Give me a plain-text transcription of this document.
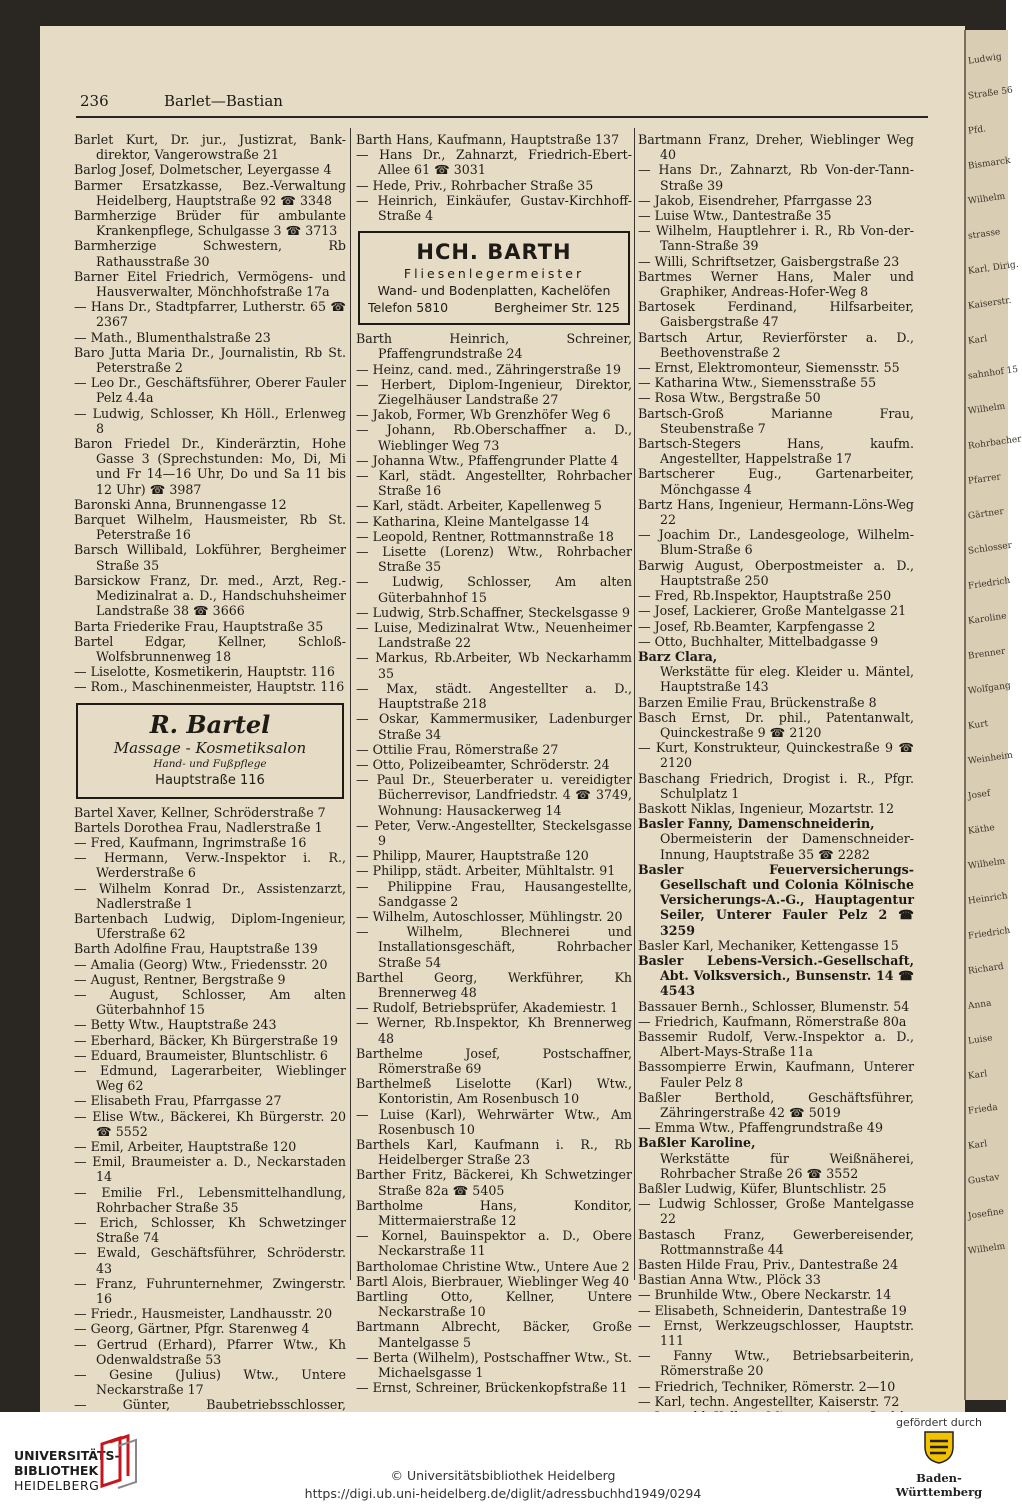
Ludwig
Straße 56
Pfd.
Bismarck
Wilhelm
strasse
Karl, Dirig.
Kaiserstr.
Karl
sahnhof 15
Wilhelm
Rohrbacher
Pfarrer
Gärtner
Schlosser
Friedrich
Karoline
Brenner
Wolfgang
Kurt
Weinheim
Josef
Käthe
Wilhelm
Heinrich
Friedrich
Richard
Anna
Luise
Karl
Frieda
Karl
Gustav
Josefine
Wilhelm
236	Barlet—Bastian
Barlet Kurt, Dr. jur., Justizrat, Bank-direktor, Vangerowstraße 21
Barlog Josef, Dolmetscher, Leyergasse 4
Barmer Ersatzkasse, Bez.-Verwaltung Heidelberg, Hauptstraße 92 ☎ 3348
Barmherzige Brüder für ambulante Krankenpflege, Schulgasse 3 ☎ 3713
Barmherzige Schwestern, Rb Rathausstraße 30
Barner Eitel Friedrich, Vermögens- und Hausverwalter, Mönchhofstraße 17a
— Hans Dr., Stadtpfarrer, Lutherstr. 65 ☎ 2367
— Math., Blumenthalstraße 23
Baro Jutta Maria Dr., Journalistin, Rb St. Peterstraße 2
— Leo Dr., Geschäftsführer, Oberer Fauler Pelz 4.4a
— Ludwig, Schlosser, Kh Höll., Erlenweg 8
Baron Friedel Dr., Kinderärztin, Hohe Gasse 3 (Sprechstunden: Mo, Di, Mi und Fr 14—16 Uhr, Do und Sa 11 bis 12 Uhr) ☎ 3987
Baronski Anna, Brunnengasse 12
Barquet Wilhelm, Hausmeister, Rb St. Peterstraße 16
Barsch Willibald, Lokführer, Bergheimer Straße 35
Barsickow Franz, Dr. med., Arzt, Reg.-Medizinalrat a. D., Handschuhsheimer Landstraße 38 ☎ 3666
Barta Friederike Frau, Hauptstraße 35
Bartel Edgar, Kellner, Schloß-Wolfsbrunnenweg 18
— Liselotte, Kosmetikerin, Hauptstr. 116
— Rom., Maschinenmeister, Hauptstr. 116
R. Bartel
Massage - Kosmetiksalon
Hand- und Fußpflege
Hauptstraße 116
Bartel Xaver, Kellner, Schröderstraße 7
Bartels Dorothea Frau, Nadlerstraße 1
— Fred, Kaufmann, Ingrimstraße 16
— Hermann, Verw.-Inspektor i. R., Werderstraße 6
— Wilhelm Konrad Dr., Assistenzarzt, Nadlerstraße 1
Bartenbach Ludwig, Diplom-Ingenieur, Uferstraße 62
Barth Adolfine Frau, Hauptstraße 139
— Amalia (Georg) Wtw., Friedensstr. 20
— August, Rentner, Bergstraße 9
— August, Schlosser, Am alten Güterbahnhof 15
— Betty Wtw., Hauptstraße 243
— Eberhard, Bäcker, Kh Bürgerstraße 19
— Eduard, Braumeister, Bluntschlistr. 6
— Edmund, Lagerarbeiter, Wieblinger Weg 62
— Elisabeth Frau, Pfarrgasse 27
— Elise Wtw., Bäckerei, Kh Bürgerstr. 20 ☎ 5552
— Emil, Arbeiter, Hauptstraße 120
— Emil, Braumeister a. D., Neckarstaden 14
— Emilie Frl., Lebensmittelhandlung, Rohrbacher Straße 35
— Erich, Schlosser, Kh Schwetzinger Straße 74
— Ewald, Geschäftsführer, Schröderstr. 43
— Franz, Fuhrunternehmer, Zwingerstr. 16
— Friedr., Hausmeister, Landhausstr. 20
— Georg, Gärtner, Pfgr. Starenweg 4
— Gertrud (Erhard), Pfarrer Wtw., Kh Odenwaldstraße 53
— Gesine (Julius) Wtw., Untere Neckarstraße 17
— Günter, Baubetriebsschlosser,
Barth Hans, Kaufmann, Hauptstraße 137
— Hans Dr., Zahnarzt, Friedrich-Ebert-Allee 61 ☎ 3031
— Hede, Priv., Rohrbacher Straße 35
— Heinrich, Einkäufer, Gustav-Kirchhoff-Straße 4
HCH. BARTH
Fliesenlegermeister
Wand- und Bodenplatten, Kachelöfen
Telefon 5810	Bergheimer Str. 125
Barth Heinrich, Schreiner, Pfaffengrundstraße 24
— Heinz, cand. med., Zähringerstraße 19
— Herbert, Diplom-Ingenieur, Direktor, Ziegelhäuser Landstraße 27
— Jakob, Former, Wb Grenzhöfer Weg 6
— Johann, Rb.Oberschaffner a. D., Wieblinger Weg 73
— Johanna Wtw., Pfaffengrunder Platte 4
— Karl, städt. Angestellter, Rohrbacher Straße 16
— Karl, städt. Arbeiter, Kapellenweg 5
— Katharina, Kleine Mantelgasse 14
— Leopold, Rentner, Rottmannstraße 18
— Lisette (Lorenz) Wtw., Rohrbacher Straße 35
— Ludwig, Schlosser, Am alten Güterbahnhof 15
— Ludwig, Strb.Schaffner, Steckelsgasse 9
— Luise, Medizinalrat Wtw., Neuenheimer Landstraße 22
— Markus, Rb.Arbeiter, Wb Neckarhamm 35
— Max, städt. Angestellter a. D., Hauptstraße 218
— Oskar, Kammermusiker, Ladenburger Straße 34
— Ottilie Frau, Römerstraße 27
— Otto, Polizeibeamter, Schröderstr. 24
— Paul Dr., Steuerberater u. vereidigter Bücherrevisor, Landfriedstr. 4 ☎ 3749, Wohnung: Hausackerweg 14
— Peter, Verw.-Angestellter, Steckelsgasse 9
— Philipp, Maurer, Hauptstraße 120
— Philipp, städt. Arbeiter, Mühltalstr. 91
— Philippine Frau, Hausangestellte, Sandgasse 2
— Wilhelm, Autoschlosser, Mühlingstr. 20
— Wilhelm, Blechnerei und Installationsgeschäft, Rohrbacher Straße 54
Barthel Georg, Werkführer, Kh Brennerweg 48
— Rudolf, Betriebsprüfer, Akademiestr. 1
— Werner, Rb.Inspektor, Kh Brennerweg 48
Barthelme Josef, Postschaffner, Römerstraße 69
Barthelmeß Liselotte (Karl) Wtw., Kontoristin, Am Rosenbusch 10
— Luise (Karl), Wehrwärter Wtw., Am Rosenbusch 10
Barthels Karl, Kaufmann i. R., Rb Heidelberger Straße 23
Barther Fritz, Bäckerei, Kh Schwetzinger Straße 82a ☎ 5405
Bartholme Hans, Konditor, Mittermaierstraße 12
— Kornel, Bauinspektor a. D., Obere Neckarstraße 11
Bartholomae Christine Wtw., Untere Aue 2
Bartl Alois, Bierbrauer, Wieblinger Weg 40
Bartling Otto, Kellner, Untere Neckarstraße 10
Bartmann Albrecht, Bäcker, Große Mantelgasse 5
— Berta (Wilhelm), Postschaffner Wtw., St. Michaelsgasse 1
— Ernst, Schreiner, Brückenkopfstraße 11
Bartmann Franz, Dreher, Wieblinger Weg 40
— Hans Dr., Zahnarzt, Rb Von-der-Tann-Straße 39
— Jakob, Eisendreher, Pfarrgasse 23
— Luise Wtw., Dantestraße 35
— Wilhelm, Hauptlehrer i. R., Rb Von-der-Tann-Straße 39
— Willi, Schriftsetzer, Gaisbergstraße 23
Bartmes Werner Hans, Maler und Graphiker, Andreas-Hofer-Weg 8
Bartosek Ferdinand, Hilfsarbeiter, Gaisbergstraße 47
Bartsch Artur, Revierförster a. D., Beethovenstraße 2
— Ernst, Elektromonteur, Siemensstr. 55
— Katharina Wtw., Siemensstraße 55
— Rosa Wtw., Bergstraße 50
Bartsch-Groß Marianne Frau, Steubenstraße 7
Bartsch-Stegers Hans, kaufm. Angestellter, Happelstraße 17
Bartscherer Eug., Gartenarbeiter, Mönchgasse 4
Bartz Hans, Ingenieur, Hermann-Löns-Weg 22
— Joachim Dr., Landesgeologe, Wilhelm-Blum-Straße 6
Barwig August, Oberpostmeister a. D., Hauptstraße 250
— Fred, Rb.Inspektor, Hauptstraße 250
— Josef, Lackierer, Große Mantelgasse 21
— Josef, Rb.Beamter, Karpfengasse 2
— Otto, Buchhalter, Mittelbadgasse 9
Barz Clara,
Werkstätte für eleg. Kleider u. Mäntel, Hauptstraße 143
Barzen Emilie Frau, Brückenstraße 8
Basch Ernst, Dr. phil., Patentanwalt, Quinckestraße 9 ☎ 2120
— Kurt, Konstrukteur, Quinckestraße 9 ☎ 2120
Baschang Friedrich, Drogist i. R., Pfgr. Schulplatz 1
Baskott Niklas, Ingenieur, Mozartstr. 12
Basler Fanny, Damenschneiderin,
Obermeisterin der Damenschneider-Innung, Hauptstraße 35 ☎ 2282
Basler Feuerversicherungs-Gesellschaft und Colonia Kölnische Versicherungs-A.-G., Hauptagentur Seiler, Unterer Fauler Pelz 2 ☎ 3259
Basler Karl, Mechaniker, Kettengasse 15
Basler Lebens-Versich.-Gesellschaft, Abt. Volksversich., Bunsenstr. 14 ☎ 4543
Bassauer Bernh., Schlosser, Blumenstr. 54
— Friedrich, Kaufmann, Römerstraße 80a
Bassemir Rudolf, Verw.-Inspektor a. D., Albert-Mays-Straße 11a
Bassompierre Erwin, Kaufmann, Unterer Fauler Pelz 8
Baßler Berthold, Geschäftsführer, Zähringerstraße 42 ☎ 5019
— Emma Wtw., Pfaffengrundstraße 49
Baßler Karoline,
Werkstätte für Weißnäherei, Rohrbacher Straße 26 ☎ 3552
Baßler Ludwig, Küfer, Bluntschlistr. 25
— Ludwig Schlosser, Große Mantelgasse 22
Bastasch Franz, Gewerbereisender, Rottmannstraße 44
Basten Hilde Frau, Priv., Dantestraße 24
Bastian Anna Wtw., Plöck 33
— Brunhilde Wtw., Obere Neckarstr. 14
— Elisabeth, Schneiderin, Dantestraße 19
— Ernst, Werkzeugschlosser, Hauptstr. 111
— Fanny Wtw., Betriebsarbeiterin, Römerstraße 20
— Friedrich, Techniker, Römerstr. 2—10
— Karl, techn. Angestellter, Kaiserstr. 72
UNIVERSITÄTS-
BIBLIOTHEK
HEIDELBERG
© Universitätsbibliothek Heidelberg
https://digi.ub.uni-heidelberg.de/diglit/adressbuchhd1949/0294
gefördert durch
Baden-Württemberg
